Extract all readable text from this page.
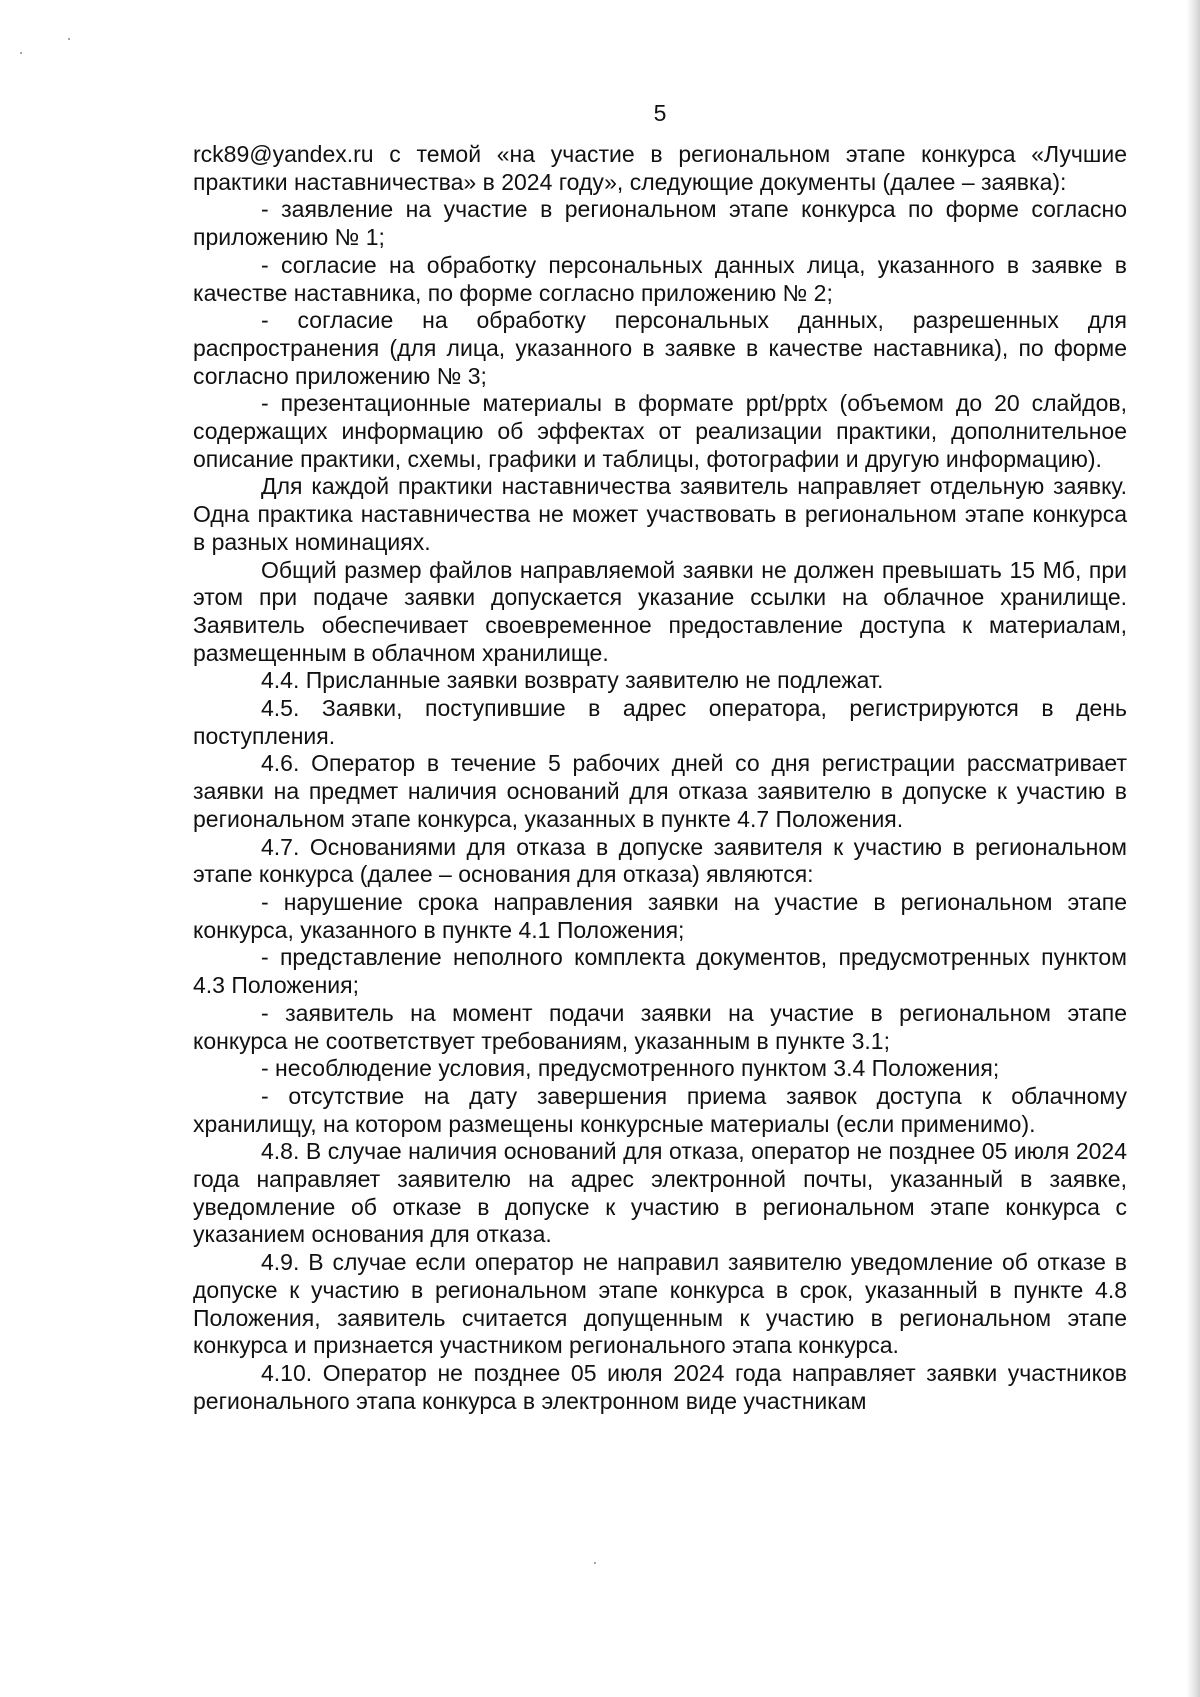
5

rck89@yandex.ru с темой «на участие в региональном этапе конкурса «Лучшие практики наставничества» в 2024 году», следующие документы (далее – заявка):

- заявление на участие в региональном этапе конкурса по форме согласно приложению № 1;

- согласие на обработку персональных данных лица, указанного в заявке в качестве наставника, по форме согласно приложению № 2;

- согласие на обработку персональных данных, разрешенных для распространения (для лица, указанного в заявке в качестве наставника), по форме согласно приложению № 3;

- презентационные материалы в формате ppt/pptx (объемом до 20 слайдов, содержащих информацию об эффектах от реализации практики, дополнительное описание практики, схемы, графики и таблицы, фотографии и другую информацию).

Для каждой практики наставничества заявитель направляет отдельную заявку. Одна практика наставничества не может участвовать в региональном этапе конкурса в разных номинациях.

Общий размер файлов направляемой заявки не должен превышать 15 Мб, при этом при подаче заявки допускается указание ссылки на облачное хранилище. Заявитель обеспечивает своевременное предоставление доступа к материалам, размещенным в облачном хранилище.

4.4. Присланные заявки возврату заявителю не подлежат.

4.5. Заявки, поступившие в адрес оператора, регистрируются в день поступления.

4.6. Оператор в течение 5 рабочих дней со дня регистрации рассматривает заявки на предмет наличия оснований для отказа заявителю в допуске к участию в региональном этапе конкурса, указанных в пункте 4.7 Положения.

4.7. Основаниями для отказа в допуске заявителя к участию в региональном этапе конкурса (далее – основания для отказа) являются:

- нарушение срока направления заявки на участие в региональном этапе конкурса, указанного в пункте 4.1 Положения;

- представление неполного комплекта документов, предусмотренных пунктом 4.3 Положения;

- заявитель на момент подачи заявки на участие в региональном этапе конкурса не соответствует требованиям, указанным в пункте 3.1;

- несоблюдение условия, предусмотренного пунктом 3.4 Положения;

- отсутствие на дату завершения приема заявок доступа к облачному хранилищу, на котором размещены конкурсные материалы (если применимо).

4.8. В случае наличия оснований для отказа, оператор не позднее 05 июля 2024 года направляет заявителю на адрес электронной почты, указанный в заявке, уведомление об отказе в допуске к участию в региональном этапе конкурса с указанием основания для отказа.

4.9. В случае если оператор не направил заявителю уведомление об отказе в допуске к участию в региональном этапе конкурса в срок, указанный в пункте 4.8 Положения, заявитель считается допущенным к участию в региональном этапе конкурса и признается участником регионального этапа конкурса.

4.10. Оператор не позднее 05 июля 2024 года направляет заявки участников регионального этапа конкурса в электронном виде участникам
